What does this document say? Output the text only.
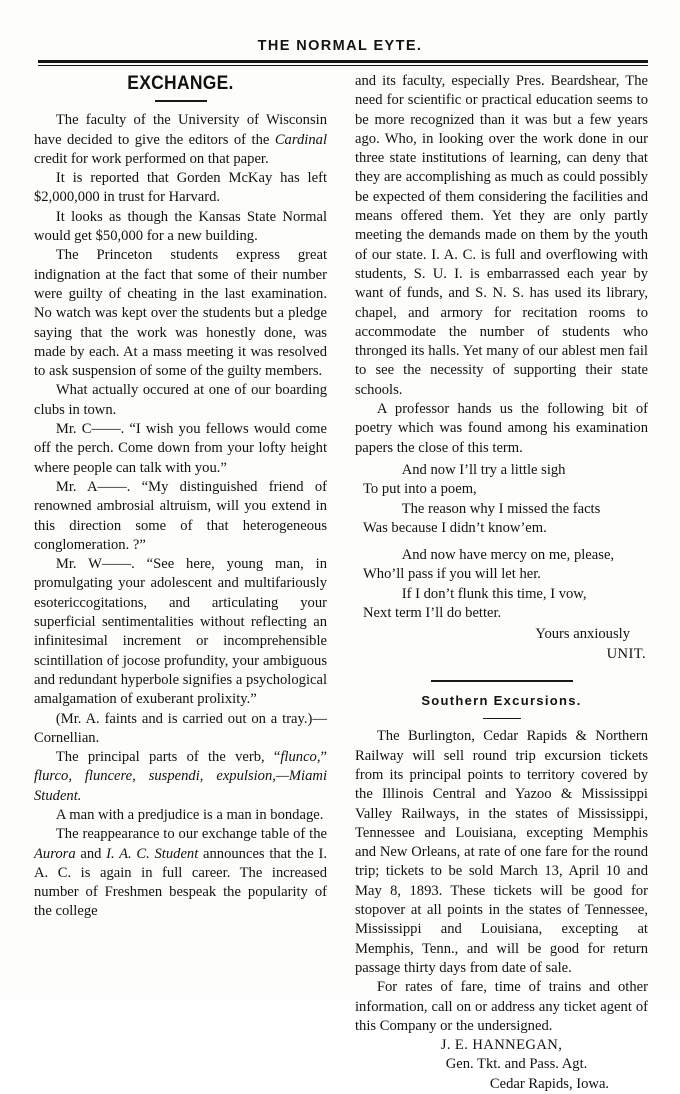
THE NORMAL EYTE.
EXCHANGE.

The faculty of the University of Wisconsin have decided to give the editors of the Cardinal credit for work performed on that paper.

It is reported that Gorden McKay has left $2,000,000 in trust for Harvard.

It looks as though the Kansas State Normal would get $50,000 for a new building.

The Princeton students express great indignation at the fact that some of their number were guilty of cheating in the last examination. No watch was kept over the students but a pledge saying that the work was honestly done, was made by each. At a mass meeting it was resolved to ask suspension of some of the guilty members.

What actually occured at one of our boarding clubs in town.

Mr. C——. “I wish you fellows would come off the perch. Come down from your lofty height where people can talk with you.”

Mr. A——. “My distinguished friend of renowned ambrosial altruism, will you extend in this direction some of that heterogeneous conglomeration. ?”

Mr. W——. “See here, young man, in promulgating your adolescent and multifariously esotericcogitations, and articulating your superficial sentimentalities without reflecting an infinitesimal increment or incomprehensible scintillation of jocose profundity, your ambiguous and redundant hyperbole signifies a psychological amalgamation of exuberant prolixity.”

(Mr. A. faints and is carried out on a tray.)—Cornellian.

The principal parts of the verb, “flunco,” flurco, fluncere, suspendi, expulsion,—Miami Student.

A man with a predjudice is a man in bondage.

The reappearance to our exchange table of the Aurora and I. A. C. Student announces that the I. A. C. is again in full career. The increased number of Freshmen bespeak the popularity of the college

and its faculty, especially Pres. Beardshear, The need for scientific or practical education seems to be more recognized than it was but a few years ago. Who, in looking over the work done in our three state institutions of learning, can deny that they are accomplishing as much as could possibly be expected of them considering the facilities and means offered them. Yet they are only partly meeting the demands made on them by the youth of our state. I. A. C. is full and overflowing with students, S. U. I. is embarrassed each year by want of funds, and S. N. S. has used its library, chapel, and armory for recitation rooms to accommodate the number of students who thronged its halls. Yet many of our ablest men fail to see the necessity of supporting their state schools.

A professor hands us the following bit of poetry which was found among his examination papers the close of this term.

And now I’ll try a little sigh

To put into a poem,

The reason why I missed the facts

Was because I didn’t know’em.

And now have mercy on me, please,

Who’ll pass if you will let her.

If I don’t flunk this time, I vow,

Next term I’ll do better.

Yours anxiously

UNIT.

Southern Excursions.

The Burlington, Cedar Rapids & Northern Railway will sell round trip excursion tickets from its principal points to territory covered by the Illinois Central and Yazoo & Mississippi Valley Railways, in the states of Mississippi, Tennessee and Louisiana, excepting Memphis and New Orleans, at rate of one fare for the round trip; tickets to be sold March 13, April 10 and May 8, 1893. These tickets will be good for stopover at all points in the states of Tennessee, Mississippi and Louisiana, excepting at Memphis, Tenn., and will be good for return passage thirty days from date of sale.

For rates of fare, time of trains and other information, call on or address any ticket agent of this Company or the undersigned.

J. E. HANNEGAN,

Gen. Tkt. and Pass. Agt.

Cedar Rapids, Iowa.
